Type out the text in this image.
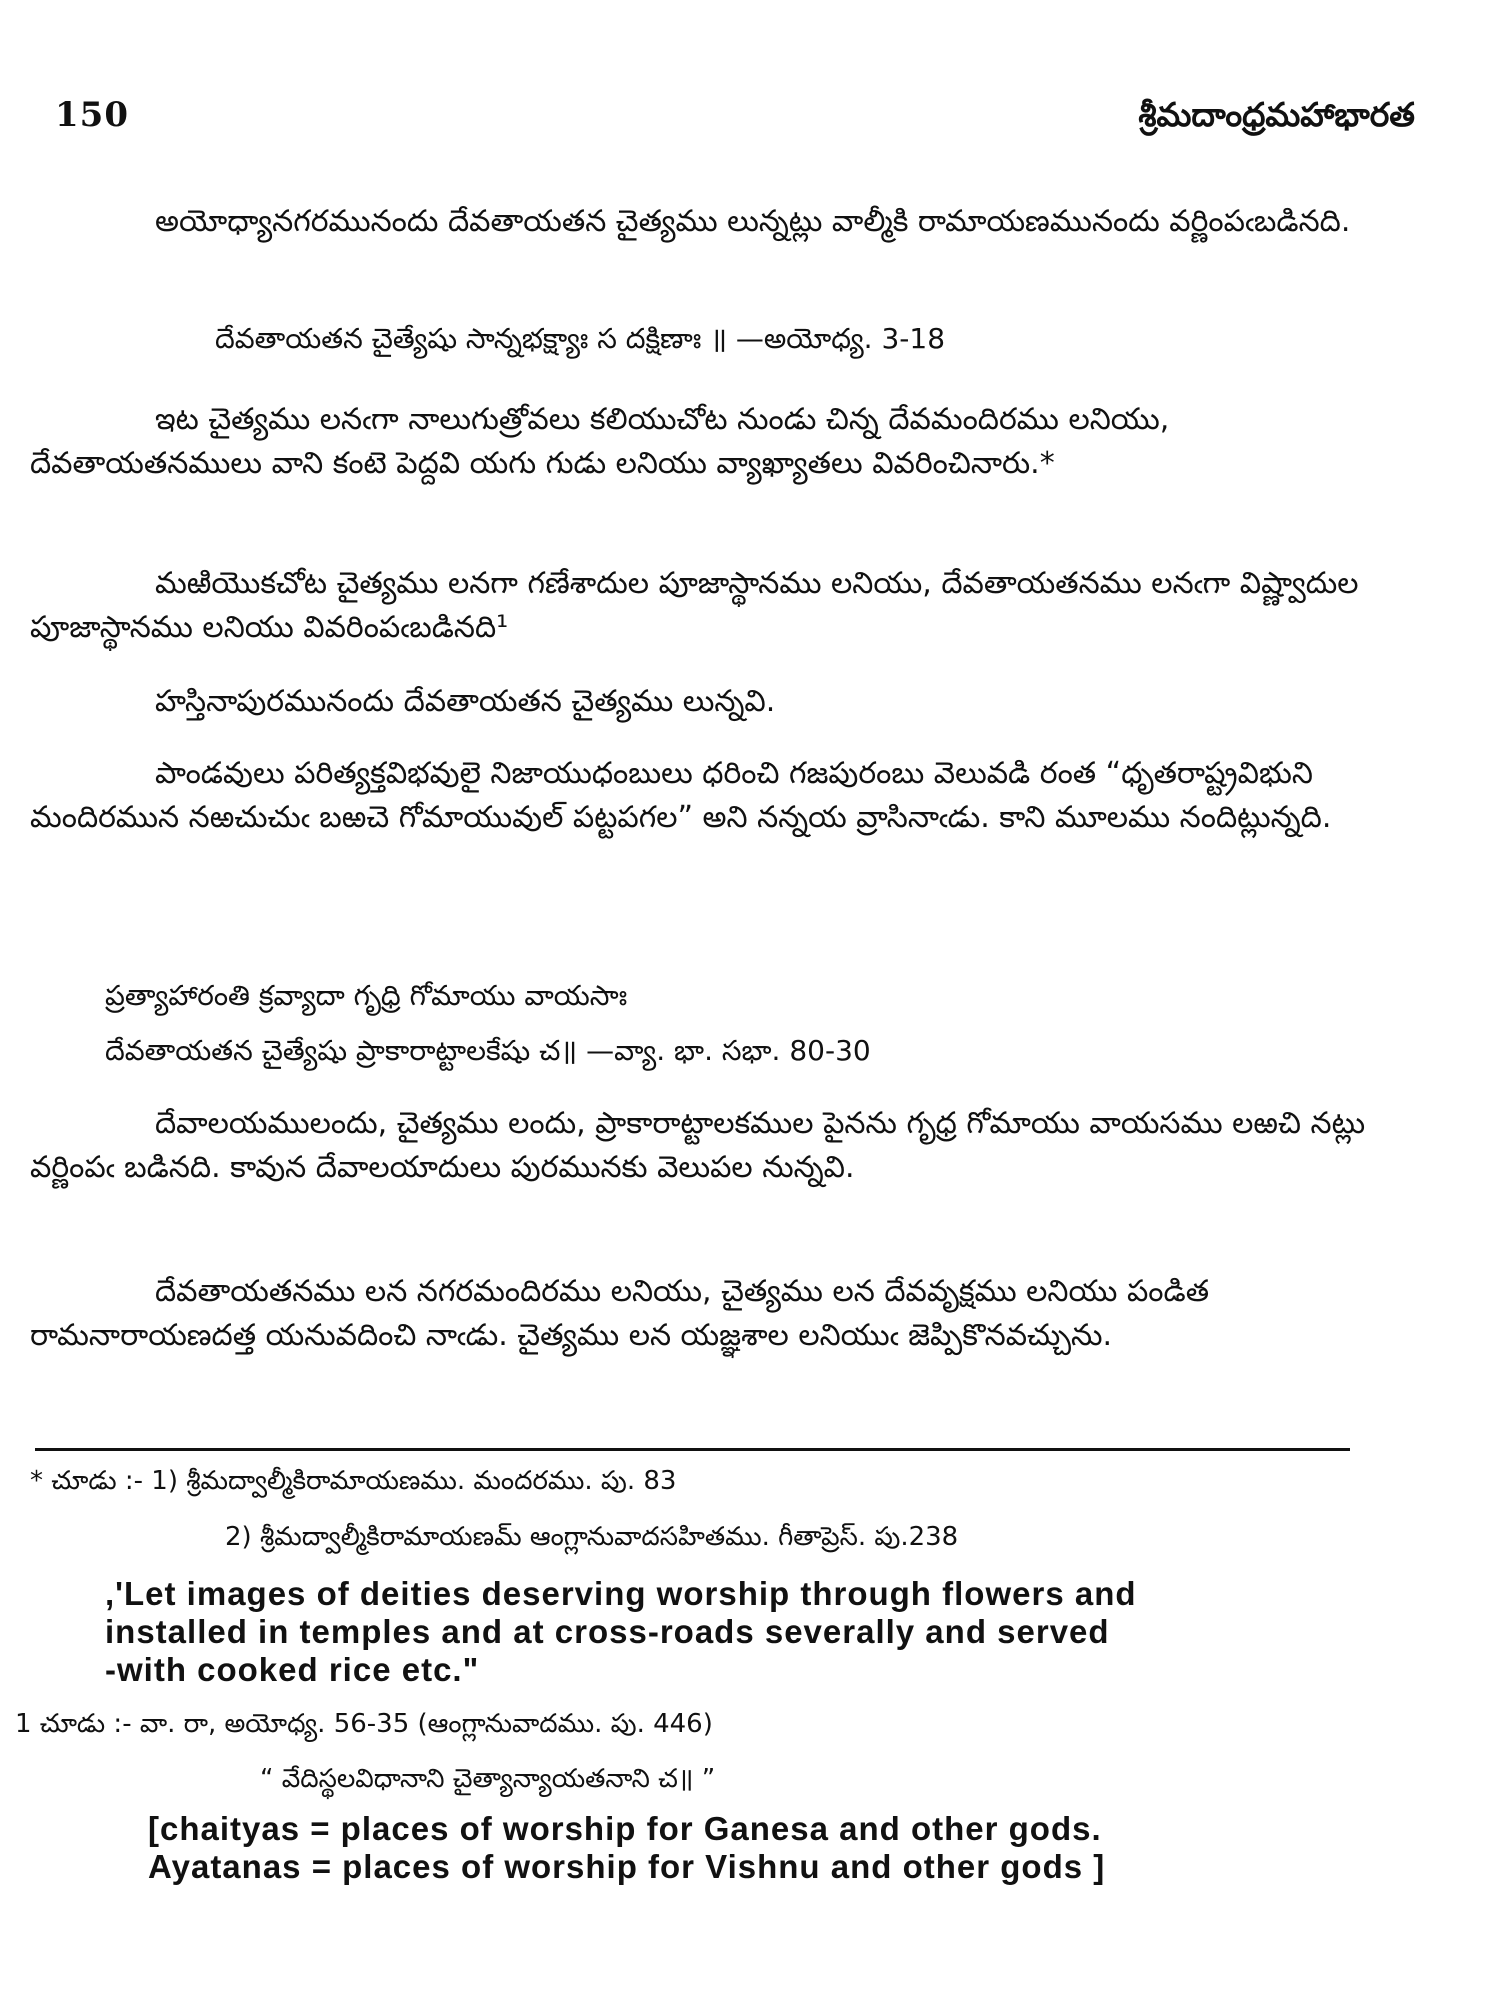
150	శ్రీమదాంధ్రమహాభారత

అయోధ్యానగరమునందు దేవతాయతన చైత్యము లున్నట్లు వాల్మీకి రామాయణమునందు వర్ణింపఁబడినది.

దేవతాయతన చైత్యేషు సాన్నభక్ష్యాః స దక్షిణాః ॥ —అయోధ్య. 3-18

ఇట చైత్యము లనఁగా నాలుగుత్రోవలు కలియుచోట నుండు చిన్న దేవమందిరము లనియు, దేవతాయతనములు వాని కంటె పెద్దవి యగు గుడు లనియు వ్యాఖ్యాతలు వివరించినారు.*

మఱియొకచోట చైత్యము లనగా గణేశాదుల పూజాస్థానము లనియు, దేవతాయతనము లనఁగా విష్ణ్వాదుల పూజాస్థానము లనియు వివరింపఁబడినది¹

హస్తినాపురమునందు దేవతాయతన చైత్యము లున్నవి.

పాండవులు పరిత్యక్తవిభవులై నిజాయుధంబులు ధరించి గజపురంబు వెలువడి రంత “ధృతరాష్ట్రవిభుని మందిరమున నఱచుచుఁ బఱచె గోమాయువుల్ పట్టపగల” అని నన్నయ వ్రాసినాఁడు. కాని మూలము నందిట్లున్నది.

ప్రత్యాహారంతి క్రవ్యాదా గృధ్రి గోమాయు వాయసాః

దేవతాయతన చైత్యేషు ప్రాకారాట్టాలకేషు చ॥ —వ్యా. భా. సభా. 80-30

దేవాలయములందు, చైత్యము లందు, ప్రాకారాట్టాలకముల పైనను గృధ్ర గోమాయు వాయసము లఱచి నట్లు వర్ణింపఁ బడినది. కావున దేవాలయాదులు పురమునకు వెలుపల నున్నవి.

దేవతాయతనము లన నగరమందిరము లనియు, చైత్యము లన దేవవృక్షము లనియు పండిత రామనారాయణదత్త యనువదించి నాఁడు. చైత్యము లన యజ్ఞశాల లనియుఁ జెప్పికొనవచ్చును.

* చూడు :- 1) శ్రీమద్వాల్మీకిరామాయణము. మందరము. పు. 83

2) శ్రీమద్వాల్మీకిరామాయణమ్ ఆంగ్లానువాదసహితము. గీతాప్రెస్. పు.238

,'Let images of deities deserving worship through flowers and
installed in temples and at cross-roads severally and served
-with cooked rice etc."

1 చూడు :- వా. రా, అయోధ్య. 56-35 (ఆంగ్లానువాదము. పు. 446)

“ వేదిస్థలవిధానాని చైత్యాన్యాయతనాని చ॥ ”

[chaityas = places of worship for Ganesa and other gods.
Ayatanas = places of worship for Vishnu and other gods ]
